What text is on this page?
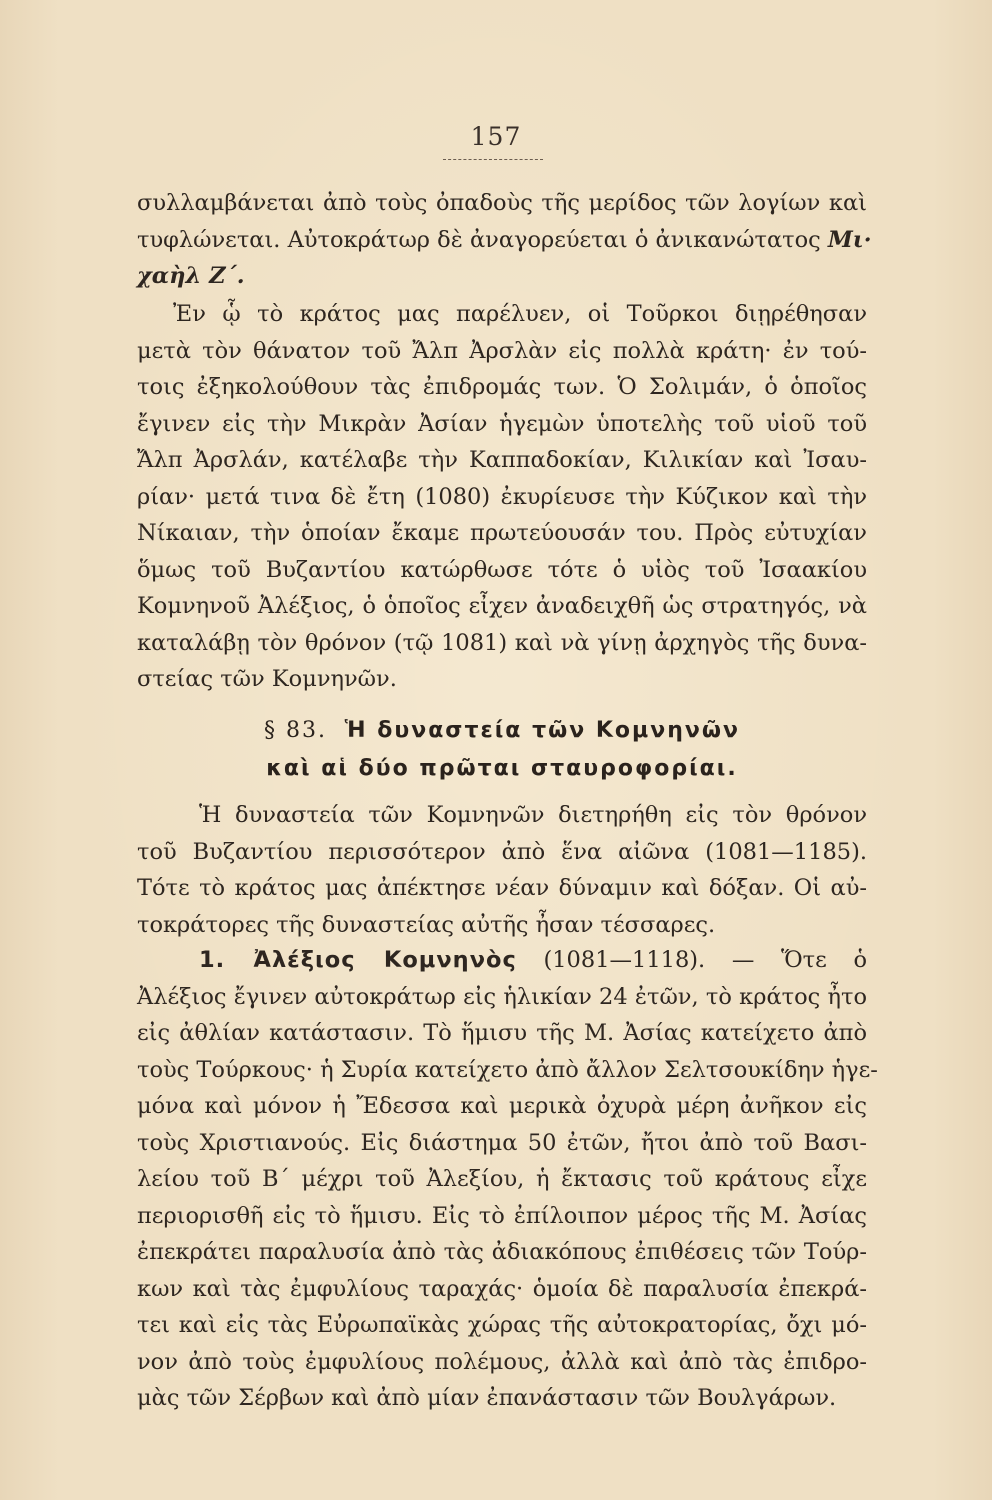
157
συλλαμβάνεται ἀπὸ τοὺς ὀπαδοὺς τῆς μερίδος τῶν λογίων καὶ
τυφλώνεται. Αὐτοκράτωρ δὲ ἀναγορεύεται ὁ ἀνικανώτατος Μι·
χαὴλ Ζ΄.
Ἐν ᾧ τὸ κράτος μας παρέλυεν, οἱ Τοῦρκοι διῃρέθησαν
μετὰ τὸν θάνατον τοῦ Ἄλπ Ἀρσλὰν εἰς πολλὰ κράτη· ἐν τού-
τοις ἐξηκολούθουν τὰς ἐπιδρομάς των. Ὁ Σολιμάν, ὁ ὁποῖος
ἔγινεν εἰς τὴν Μικρὰν Ἀσίαν ἡγεμὼν ὑποτελὴς τοῦ υἱοῦ τοῦ
Ἄλπ Ἀρσλάν, κατέλαβε τὴν Καππαδοκίαν, Κιλικίαν καὶ Ἰσαυ-
ρίαν· μετά τινα δὲ ἔτη (1080) ἐκυρίευσε τὴν Κύζικον καὶ τὴν
Νίκαιαν, τὴν ὁποίαν ἔκαμε πρωτεύουσάν του. Πρὸς εὐτυχίαν
ὅμως τοῦ Βυζαντίου κατώρθωσε τότε ὁ υἱὸς τοῦ Ἰσαακίου
Κομνηνοῦ Ἀλέξιος, ὁ ὁποῖος εἶχεν ἀναδειχθῆ ὡς στρατηγός, νὰ
καταλάβῃ τὸν θρόνον (τῷ 1081) καὶ νὰ γίνῃ ἀρχηγὸς τῆς δυνα-
στείας τῶν Κομνηνῶν.
§ 83. Ἡ δυναστεία τῶν Κομνηνῶν
καὶ αἱ δύο πρῶται σταυροφορίαι.
Ἡ δυναστεία τῶν Κομνηνῶν διετηρήθη εἰς τὸν θρόνον
τοῦ Βυζαντίου περισσότερον ἀπὸ ἕνα αἰῶνα (1081—1185).
Τότε τὸ κράτος μας ἀπέκτησε νέαν δύναμιν καὶ δόξαν. Οἱ αὐ-
τοκράτορες τῆς δυναστείας αὐτῆς ἦσαν τέσσαρες.
1. Ἀλέξιος Κομνηνὸς (1081—1118). — Ὅτε ὁ
Ἀλέξιος ἔγινεν αὐτοκράτωρ εἰς ἡλικίαν 24 ἐτῶν, τὸ κράτος ἦτο
εἰς ἀθλίαν κατάστασιν. Τὸ ἥμισυ τῆς Μ. Ἀσίας κατείχετο ἀπὸ
τοὺς Τούρκους· ἡ Συρία κατείχετο ἀπὸ ἄλλον Σελτσουκίδην ἡγε-
μόνα καὶ μόνον ἡ Ἔδεσσα καὶ μερικὰ ὀχυρὰ μέρη ἀνῆκον εἰς
τοὺς Χριστιανούς. Εἰς διάστημα 50 ἐτῶν, ἤτοι ἀπὸ τοῦ Βασι-
λείου τοῦ Β΄ μέχρι τοῦ Ἀλεξίου, ἡ ἔκτασις τοῦ κράτους εἶχε
περιορισθῆ εἰς τὸ ἥμισυ. Εἰς τὸ ἐπίλοιπον μέρος τῆς Μ. Ἀσίας
ἐπεκράτει παραλυσία ἀπὸ τὰς ἀδιακόπους ἐπιθέσεις τῶν Τούρ-
κων καὶ τὰς ἐμφυλίους ταραχάς· ὁμοία δὲ παραλυσία ἐπεκρά-
τει καὶ εἰς τὰς Εὐρωπαϊκὰς χώρας τῆς αὐτοκρατορίας, ὄχι μό-
νον ἀπὸ τοὺς ἐμφυλίους πολέμους, ἀλλὰ καὶ ἀπὸ τὰς ἐπιδρο-
μὰς τῶν Σέρβων καὶ ἀπὸ μίαν ἐπανάστασιν τῶν Βουλγάρων.
